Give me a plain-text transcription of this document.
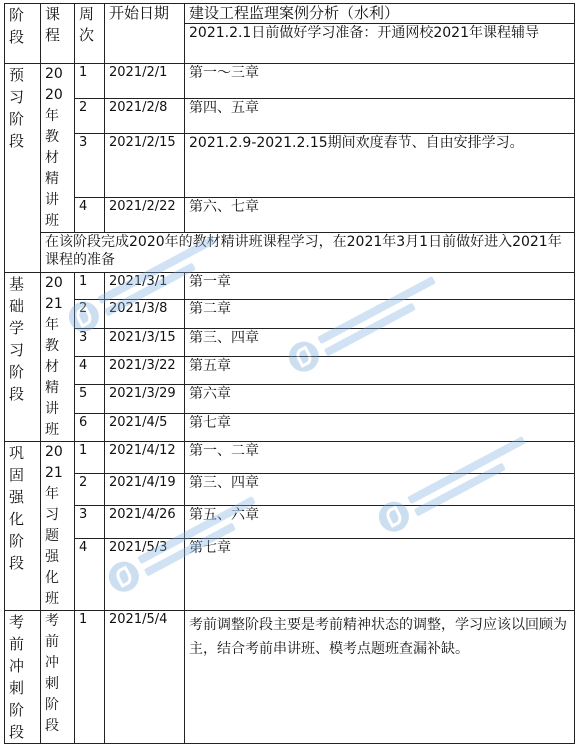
阶段	课程	周次	开始日期	建设工程监理案例分析（水利）
				2021.2.1日前做好学习准备：开通网校2021年课程辅导
预习阶段	2020年教材精讲班	1	2021/2/1	第一～三章
		2	2021/2/8	第四、五章
		3	2021/2/15	2021.2.9-2021.2.15期间欢度春节、自由安排学习。
		4	2021/2/22	第六、七章
	在该阶段完成2020年的教材精讲班课程学习，在2021年3月1日前做好进入2021年课程的准备			
基础学习阶段	2021年教材精讲班	1	2021/3/1	第一章
		2	2021/3/8	第二章
		3	2021/3/15	第三、四章
		4	2021/3/22	第五章
		5	2021/3/29	第六章
		6	2021/4/5	第七章
巩固强化阶段	2021年习题强化班	1	2021/4/12	第一、二章
		2	2021/4/19	第三、四章
		3	2021/4/26	第五、六章
		4	2021/5/3	第七章
考前冲刺阶段	考前冲刺阶段	1	2021/5/4	考前调整阶段主要是考前精神状态的调整，学习应该以回顾为主，结合考前串讲班、模考点题班查漏补缺。
